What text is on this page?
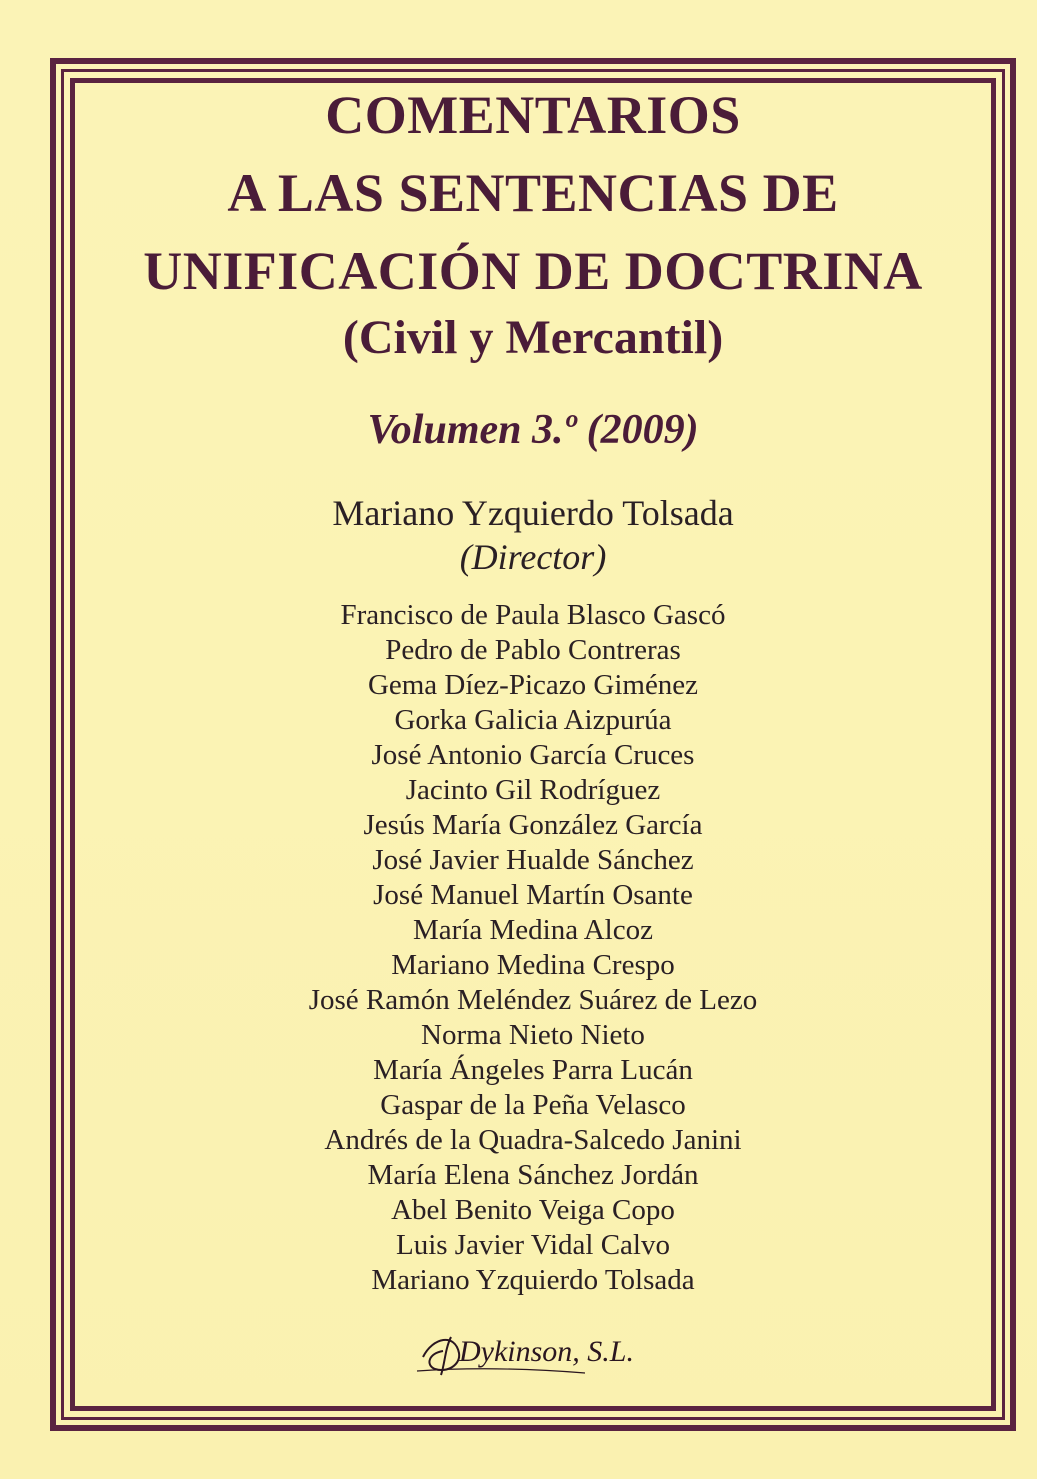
COMENTARIOS
A LAS SENTENCIAS DE
UNIFICACIÓN DE DOCTRINA
(Civil y Mercantil)
Volumen 3.º (2009)
Mariano Yzquierdo Tolsada
(Director)
Francisco de Paula Blasco Gascó
Pedro de Pablo Contreras
Gema Díez-Picazo Giménez
Gorka Galicia Aizpurúa
José Antonio García Cruces
Jacinto Gil Rodríguez
Jesús María González García
José Javier Hualde Sánchez
José Manuel Martín Osante
María Medina Alcoz
Mariano Medina Crespo
José Ramón Meléndez Suárez de Lezo
Norma Nieto Nieto
María Ángeles Parra Lucán
Gaspar de la Peña Velasco
Andrés de la Quadra-Salcedo Janini
María Elena Sánchez Jordán
Abel Benito Veiga Copo
Luis Javier Vidal Calvo
Mariano Yzquierdo Tolsada
Dykinson, S.L.
